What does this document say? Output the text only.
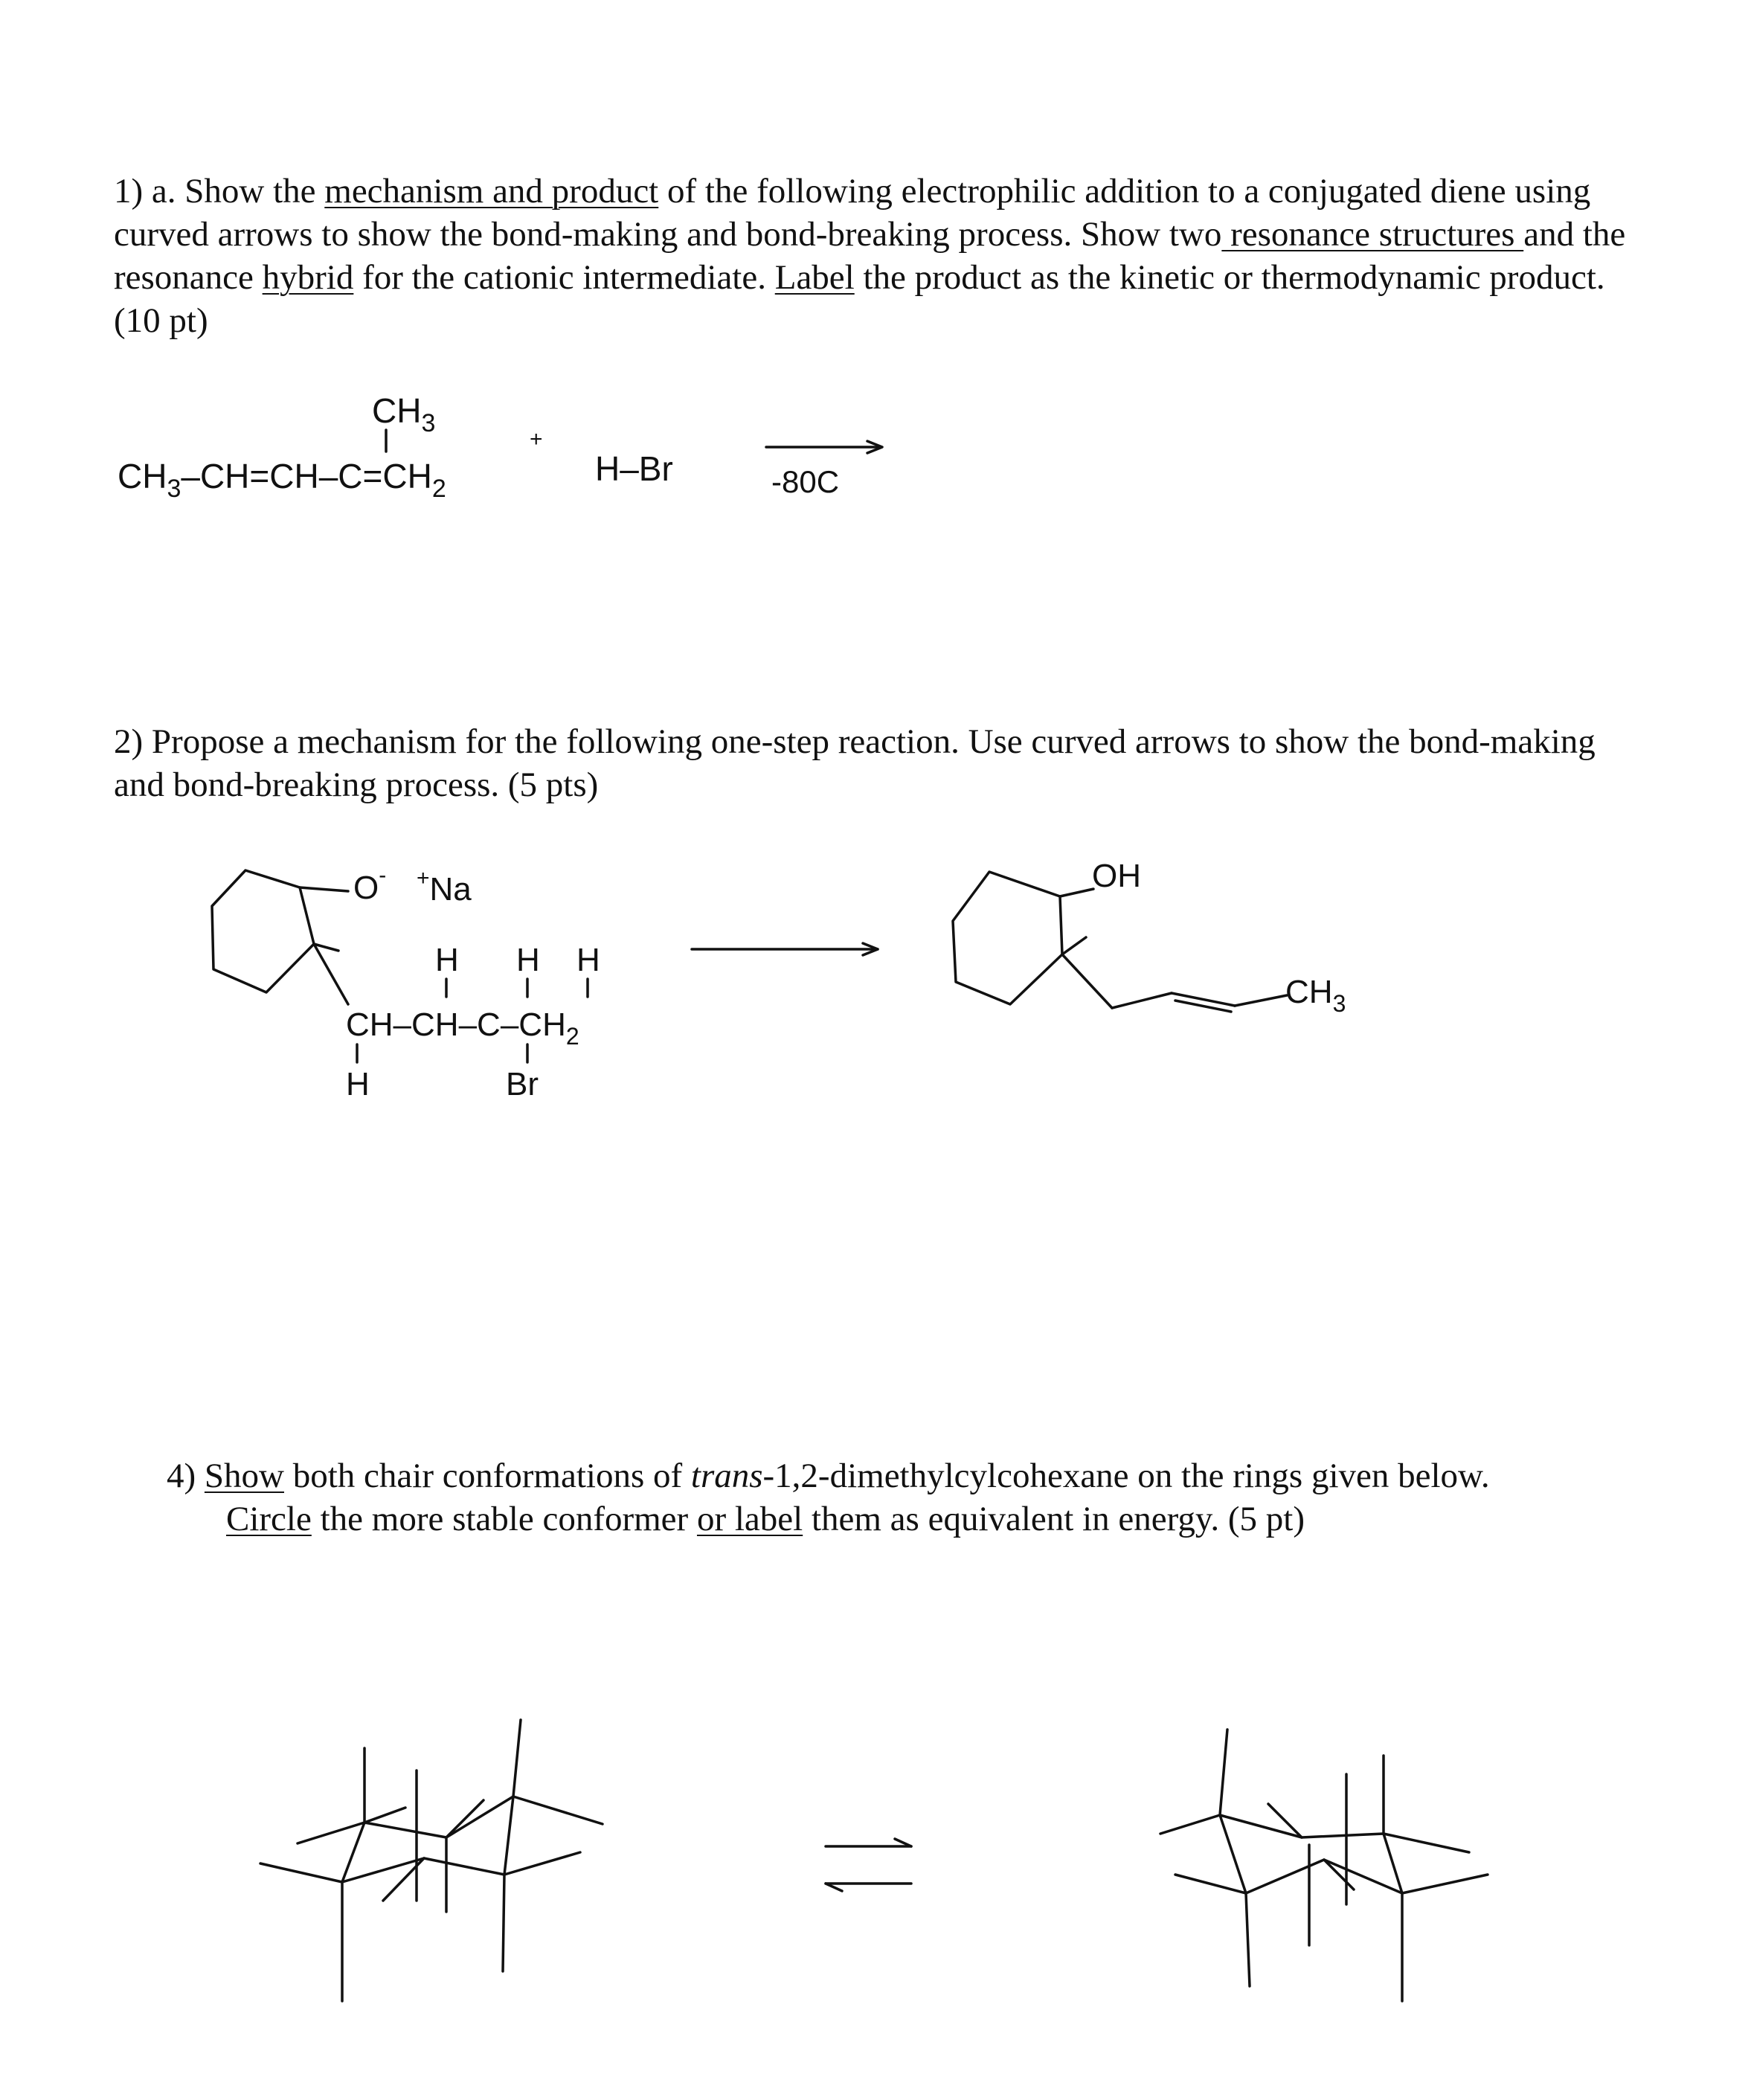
1) a. Show the mechanism and product of the following electrophilic addition to a conjugated diene using curved arrows to show the bond-making and bond-breaking process. Show two resonance structures and the resonance hybrid for the cationic intermediate. Label the product as the kinetic or thermodynamic product. (10 pt)

2) Propose a mechanism for the following one-step reaction. Use curved arrows to show the bond-making and bond-breaking process. (5 pts)

4) Show both chair conformations of trans-1,2-dimethylcylcohexane on the rings given below.
Circle the more stable conformer or label them as equivalent in energy. (5 pt)

$CH_3$
$CH_3-CH=CH-C=CH_2$
+
H–Br	-80C
O- +Na
H H H
$CH-CH-C-CH_2$
H	Br
OH
$CH_3$
